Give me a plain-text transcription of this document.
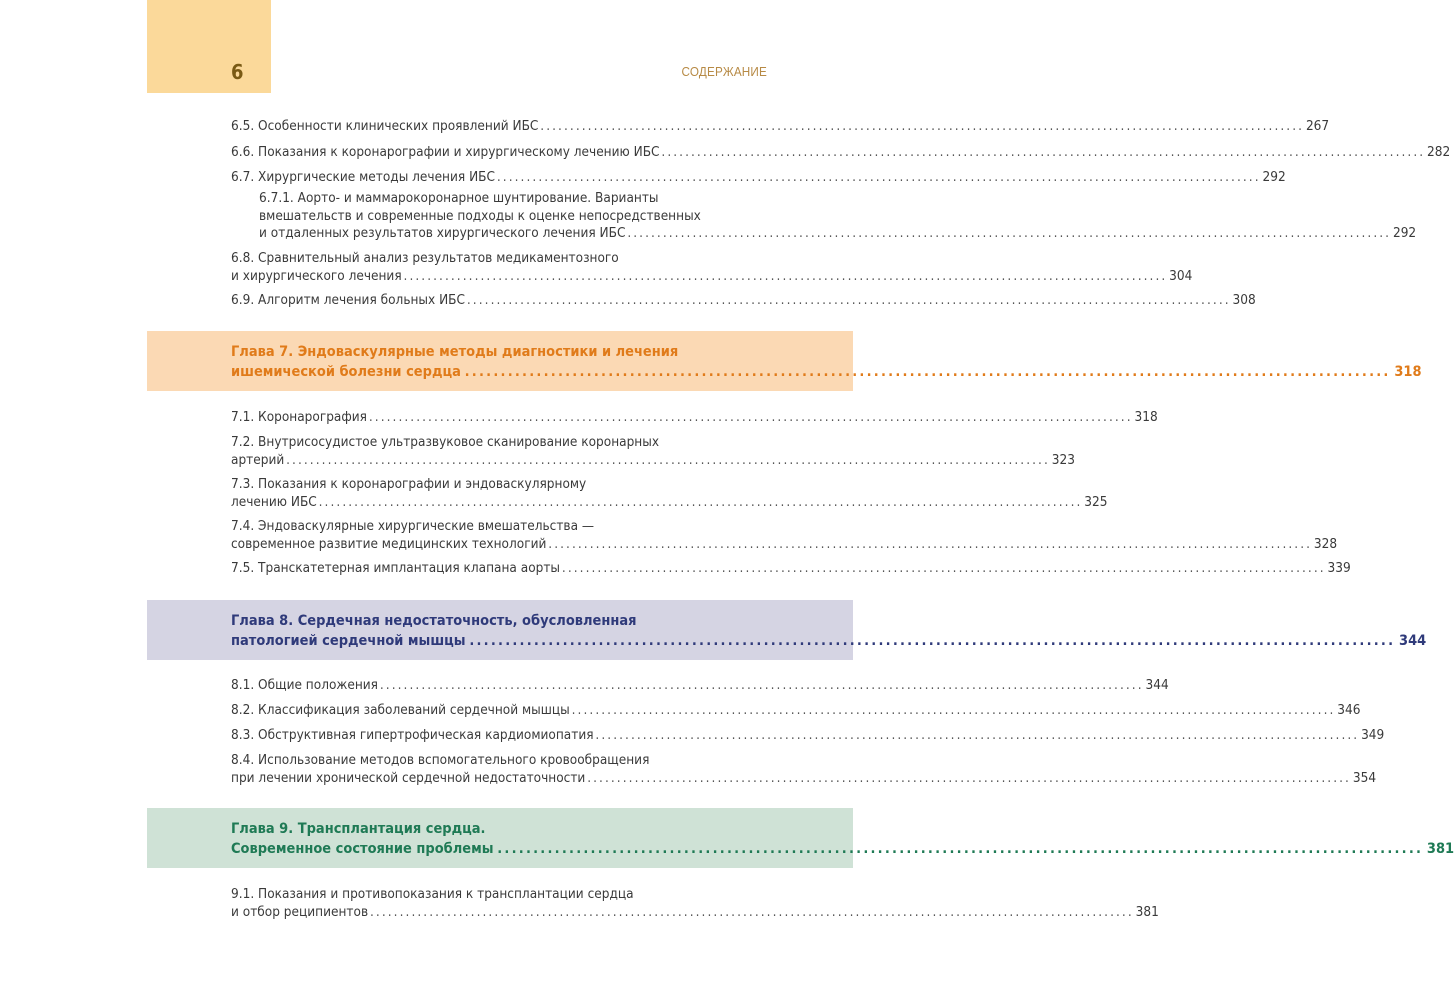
6	СОДЕРЖАНИЕ
6.5. Особенности клинических проявлений ИБС ................................................................................................................................. 267
6.6. Показания к коронарографии и хирургическому лечению ИБС ................................................................................................................................. 282
6.7. Хирургические методы лечения ИБС ................................................................................................................................. 292
6.7.1. Аорто- и маммарокоронарное шунтирование. Варианты
вмешательств и современные подходы к оценке непосредственных
и отдаленных результатов хирургического лечения ИБС ................................................................................................................................. 292
6.8. Сравнительный анализ результатов медикаментозного
и хирургического лечения ................................................................................................................................. 304
6.9. Алгоритм лечения больных ИБС ................................................................................................................................. 308
Глава 7. Эндоваскулярные методы диагностики и лечения
ишемической болезни сердца ................................................................................................................................. 318
7.1. Коронарография ................................................................................................................................. 318
7.2. Внутрисосудистое ультразвуковое сканирование коронарных
артерий ................................................................................................................................. 323
7.3. Показания к коронарографии и эндоваскулярному
лечению ИБС ................................................................................................................................. 325
7.4. Эндоваскулярные хирургические вмешательства —
современное развитие медицинских технологий ................................................................................................................................. 328
7.5. Транскатетерная имплантация клапана аорты ................................................................................................................................. 339
Глава 8. Сердечная недостаточность, обусловленная
патологией сердечной мышцы ................................................................................................................................. 344
8.1. Общие положения ................................................................................................................................. 344
8.2. Классификация заболеваний сердечной мышцы ................................................................................................................................. 346
8.3. Обструктивная гипертрофическая кардиомиопатия ................................................................................................................................. 349
8.4. Использование методов вспомогательного кровообращения
при лечении хронической сердечной недостаточности ................................................................................................................................. 354
Глава 9. Трансплантация сердца.
Современное состояние проблемы ................................................................................................................................. 381
9.1. Показания и противопоказания к трансплантации сердца
и отбор реципиентов ................................................................................................................................. 381
